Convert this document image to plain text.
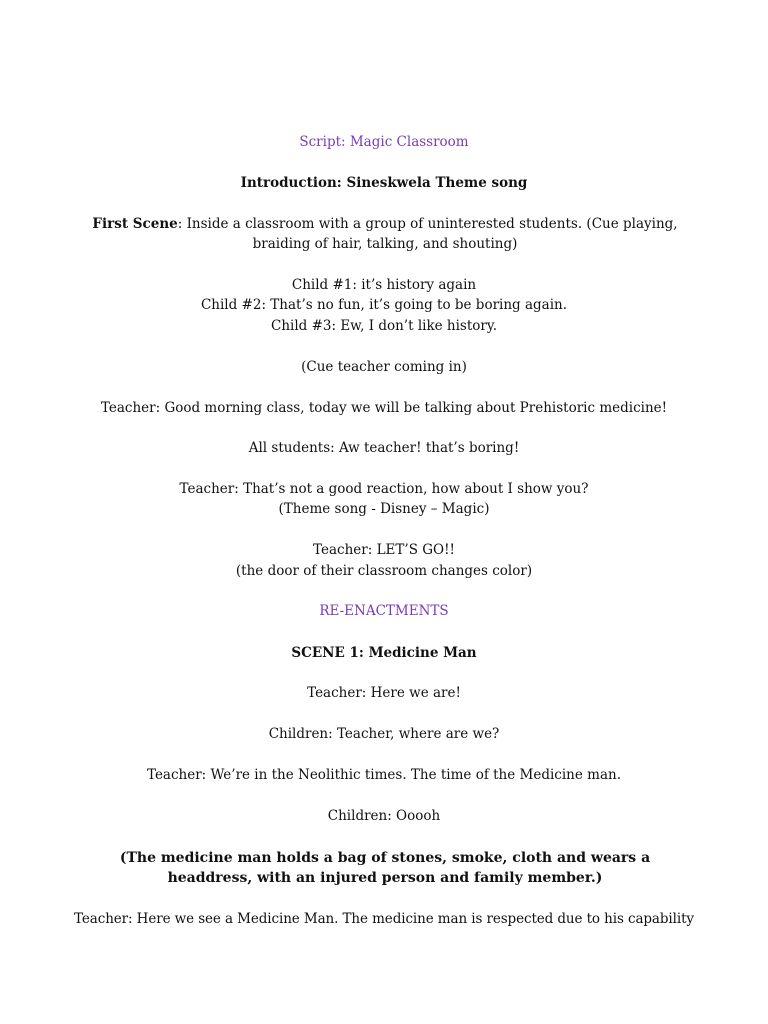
Script: Magic Classroom
Introduction: Sineskwela Theme song
First Scene: Inside a classroom with a group of uninterested students. (Cue playing, braiding of hair, talking, and shouting)
Child #1: it’s history again
Child #2: That’s no fun, it’s going to be boring again.
Child #3: Ew, I don’t like history.
(Cue teacher coming in)
Teacher: Good morning class, today we will be talking about Prehistoric medicine!
All students: Aw teacher! that’s boring!
Teacher: That’s not a good reaction, how about I show you?
(Theme song - Disney – Magic)
Teacher: LET’S GO!!
(the door of their classroom changes color)
RE-ENACTMENTS
SCENE 1: Medicine Man
Teacher: Here we are!
Children: Teacher, where are we?
Teacher: We’re in the Neolithic times. The time of the Medicine man.
Children: Ooooh
(The medicine man holds a bag of stones, smoke, cloth and wears a headdress, with an injured person and family member.)
Teacher: Here we see a Medicine Man. The medicine man is respected due to his capability
